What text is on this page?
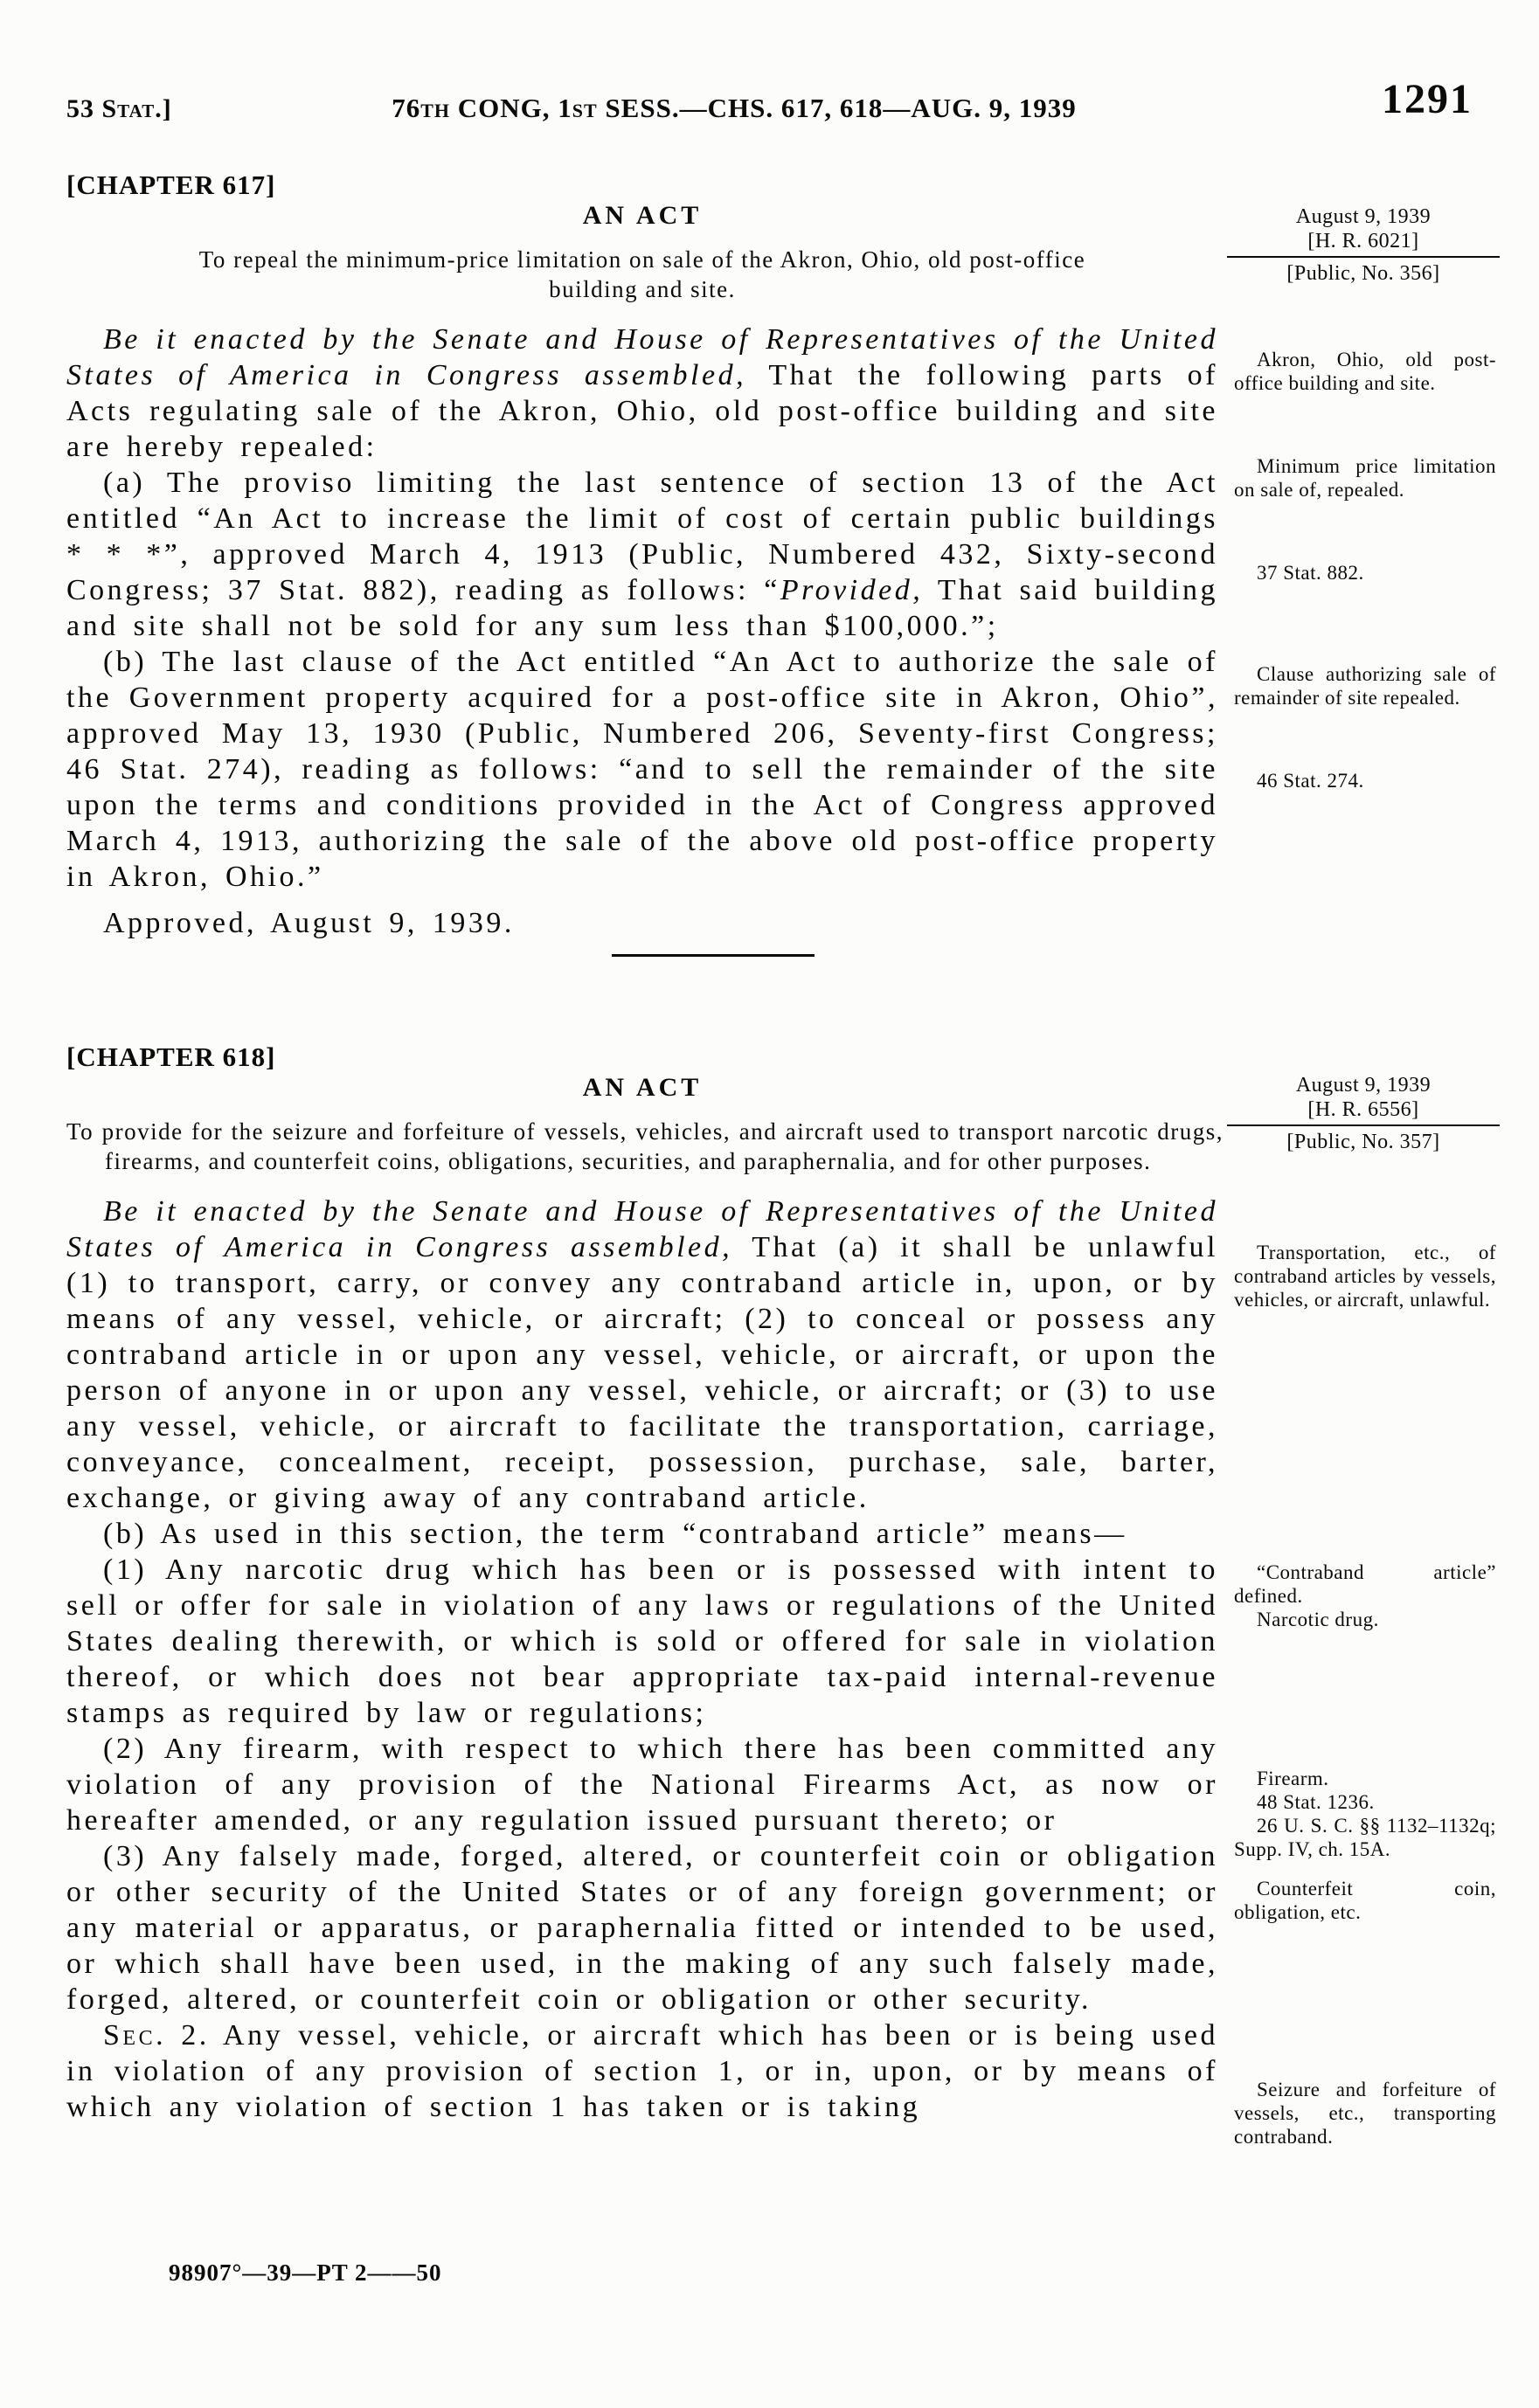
53 Stat.]	76th CONG, 1st SESS.—CHS. 617, 618—AUG. 9, 1939	1291
[CHAPTER 617]
AN ACT
To repeal the minimum-price limitation on sale of the Akron, Ohio, old post-office building and site.

Be it enacted by the Senate and House of Representatives of the United States of America in Congress assembled, That the following parts of Acts regulating sale of the Akron, Ohio, old post-office building and site are hereby repealed:

(a) The proviso limiting the last sentence of section 13 of the Act entitled “An Act to increase the limit of cost of certain public buildings * * *”, approved March 4, 1913 (Public, Numbered 432, Sixty-second Congress; 37 Stat. 882), reading as follows: “Provided, That said building and site shall not be sold for any sum less than $100,000.”;

(b) The last clause of the Act entitled “An Act to authorize the sale of the Government property acquired for a post-office site in Akron, Ohio”, approved May 13, 1930 (Public, Numbered 206, Seventy-first Congress; 46 Stat. 274), reading as follows: “and to sell the remainder of the site upon the terms and conditions provided in the Act of Congress approved March 4, 1913, authorizing the sale of the above old post-office property in Akron, Ohio.”

Approved, August 9, 1939.

August 9, 1939
[H. R. 6021]
[Public, No. 356]
Akron, Ohio, old post-office building and site.
Minimum price limitation on sale of, repealed.
37 Stat. 882.
Clause authorizing sale of remainder of site repealed.
46 Stat. 274.
[CHAPTER 618]
AN ACT
To provide for the seizure and forfeiture of vessels, vehicles, and aircraft used to transport narcotic drugs, firearms, and counterfeit coins, obligations, securities, and paraphernalia, and for other purposes.

Be it enacted by the Senate and House of Representatives of the United States of America in Congress assembled, That (a) it shall be unlawful (1) to transport, carry, or convey any contraband article in, upon, or by means of any vessel, vehicle, or aircraft; (2) to conceal or possess any contraband article in or upon any vessel, vehicle, or aircraft, or upon the person of anyone in or upon any vessel, vehicle, or aircraft; or (3) to use any vessel, vehicle, or aircraft to facilitate the transportation, carriage, conveyance, concealment, receipt, possession, purchase, sale, barter, exchange, or giving away of any contraband article.

(b) As used in this section, the term “contraband article” means—

(1) Any narcotic drug which has been or is possessed with intent to sell or offer for sale in violation of any laws or regulations of the United States dealing therewith, or which is sold or offered for sale in violation thereof, or which does not bear appropriate tax-paid internal-revenue stamps as required by law or regulations;

(2) Any firearm, with respect to which there has been committed any violation of any provision of the National Firearms Act, as now or hereafter amended, or any regulation issued pursuant thereto; or

(3) Any falsely made, forged, altered, or counterfeit coin or obligation or other security of the United States or of any foreign government; or any material or apparatus, or paraphernalia fitted or intended to be used, or which shall have been used, in the making of any such falsely made, forged, altered, or counterfeit coin or obligation or other security.

Sec. 2. Any vessel, vehicle, or aircraft which has been or is being used in violation of any provision of section 1, or in, upon, or by means of which any violation of section 1 has taken or is taking

August 9, 1939
[H. R. 6556]
[Public, No. 357]
Transportation, etc., of contraband articles by vessels, vehicles, or aircraft, unlawful.
“Contraband article” defined.
Narcotic drug.
Firearm.
48 Stat. 1236.
26 U. S. C. §§ 1132–1132q; Supp. IV, ch. 15A.
Counterfeit coin, obligation, etc.
Seizure and forfeiture of vessels, etc., transporting contraband.
98907°—39—PT 2——50
